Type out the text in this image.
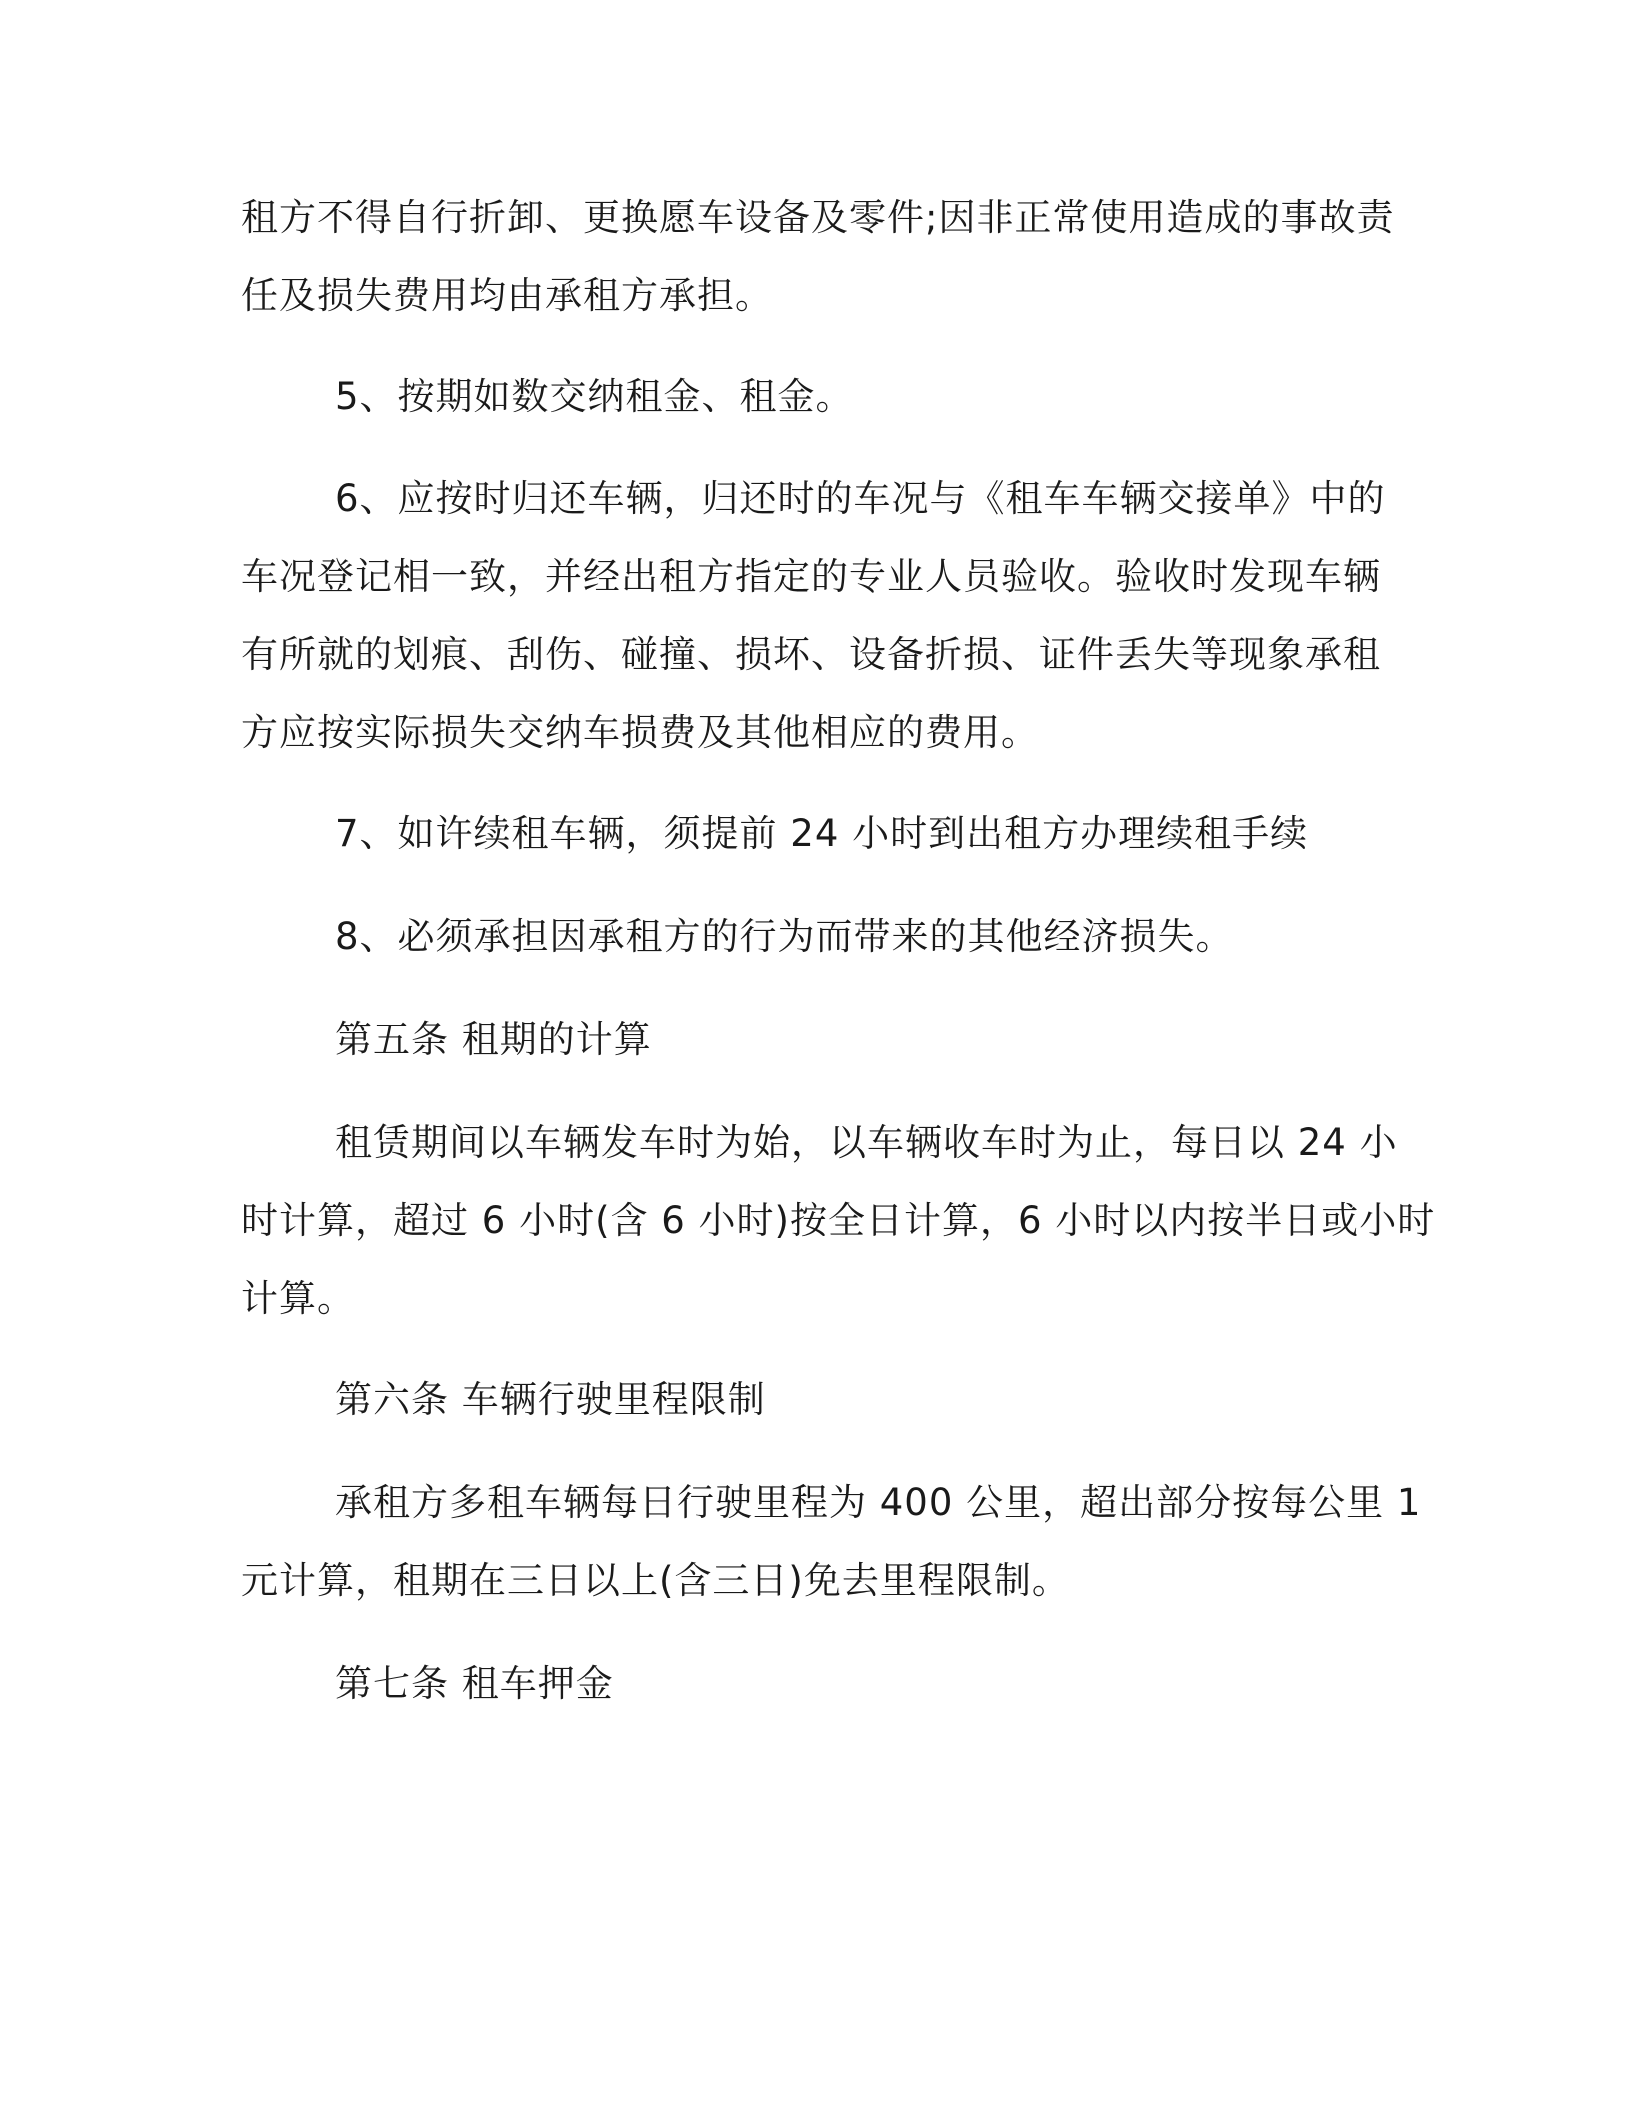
租方不得自行折卸、更换愿车设备及零件;因非正常使用造成的事故责
任及损失费用均由承租方承担。

5、按期如数交纳租金、租金。

6、应按时归还车辆，归还时的车况与《租车车辆交接单》中的
车况登记相一致，并经出租方指定的专业人员验收。验收时发现车辆
有所就的划痕、刮伤、碰撞、损坏、设备折损、证件丢失等现象承租
方应按实际损失交纳车损费及其他相应的费用。

7、如许续租车辆，须提前 24 小时到出租方办理续租手续

8、必须承担因承租方的行为而带来的其他经济损失。

第五条 租期的计算

租赁期间以车辆发车时为始，以车辆收车时为止，每日以 24 小
时计算，超过 6 小时(含 6 小时)按全日计算，6 小时以内按半日或小时
计算。

第六条 车辆行驶里程限制

承租方多租车辆每日行驶里程为 400 公里，超出部分按每公里 1
元计算，租期在三日以上(含三日)免去里程限制。

第七条 租车押金
